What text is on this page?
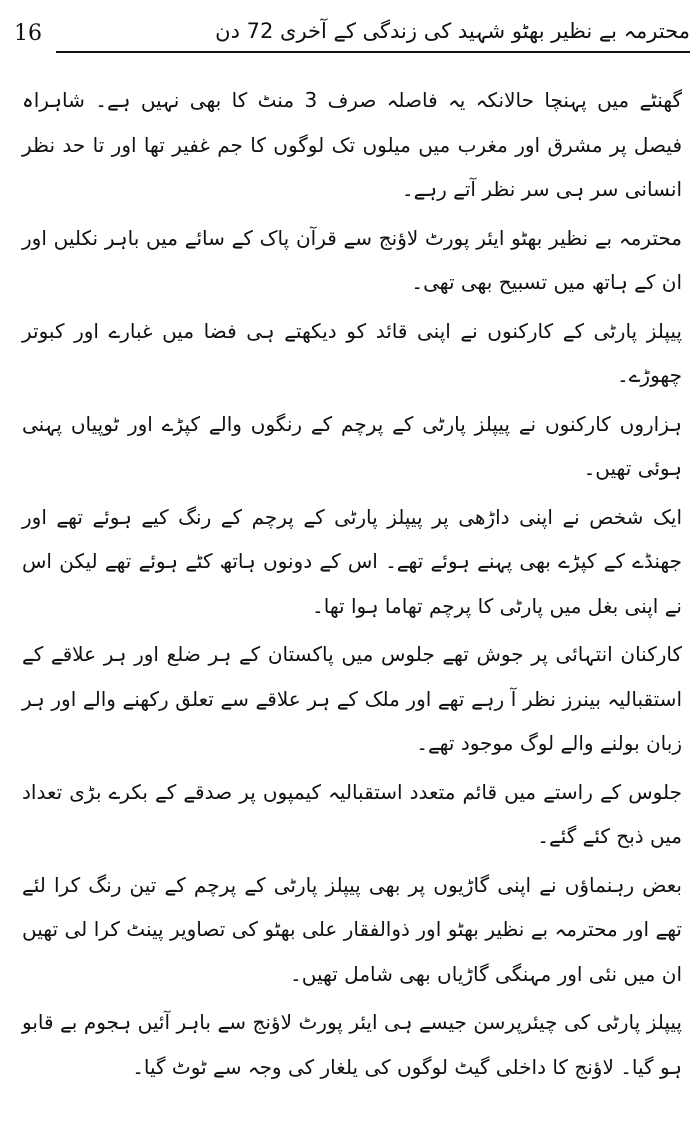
16	محترمہ بے نظیر بھٹو شہید کی زندگی کے آخری 72 دن

گھنٹے میں پہنچا حالانکہ یہ فاصلہ صرف 3 منٹ کا بھی نہیں ہے۔ شاہراہ فیصل پر مشرق اور مغرب میں میلوں تک لوگوں کا جم غفیر تھا اور تا حد نظر انسانی سر ہی سر نظر آتے رہے۔

محترمہ بے نظیر بھٹو ایئر پورٹ لاؤنج سے قرآن پاک کے سائے میں باہر نکلیں اور ان کے ہاتھ میں تسبیح بھی تھی۔

پیپلز پارٹی کے کارکنوں نے اپنی قائد کو دیکھتے ہی فضا میں غبارے اور کبوتر چھوڑے۔

ہزاروں کارکنوں نے پیپلز پارٹی کے پرچم کے رنگوں والے کپڑے اور ٹوپیاں پہنی ہوئی تھیں۔

ایک شخص نے اپنی داڑھی پر پیپلز پارٹی کے پرچم کے رنگ کیے ہوئے تھے اور جھنڈے کے کپڑے بھی پہنے ہوئے تھے۔ اس کے دونوں ہاتھ کٹے ہوئے تھے لیکن اس نے اپنی بغل میں پارٹی کا پرچم تھاما ہوا تھا۔

کارکنان انتہائی پر جوش تھے جلوس میں پاکستان کے ہر ضلع اور ہر علاقے کے استقبالیہ بینرز نظر آ رہے تھے اور ملک کے ہر علاقے سے تعلق رکھنے والے اور ہر زبان بولنے والے لوگ موجود تھے۔

جلوس کے راستے میں قائم متعدد استقبالیہ کیمپوں پر صدقے کے بکرے بڑی تعداد میں ذبح کئے گئے۔

بعض رہنماؤں نے اپنی گاڑیوں پر بھی پیپلز پارٹی کے پرچم کے تین رنگ کرا لئے تھے اور محترمہ بے نظیر بھٹو اور ذوالفقار علی بھٹو کی تصاویر پینٹ کرا لی تھیں ان میں نئی اور مہنگی گاڑیاں بھی شامل تھیں۔

پیپلز پارٹی کی چیئرپرسن جیسے ہی ایئر پورٹ لاؤنج سے باہر آئیں ہجوم بے قابو ہو گیا۔ لاؤنج کا داخلی گیٹ لوگوں کی یلغار کی وجہ سے ٹوٹ گیا۔
